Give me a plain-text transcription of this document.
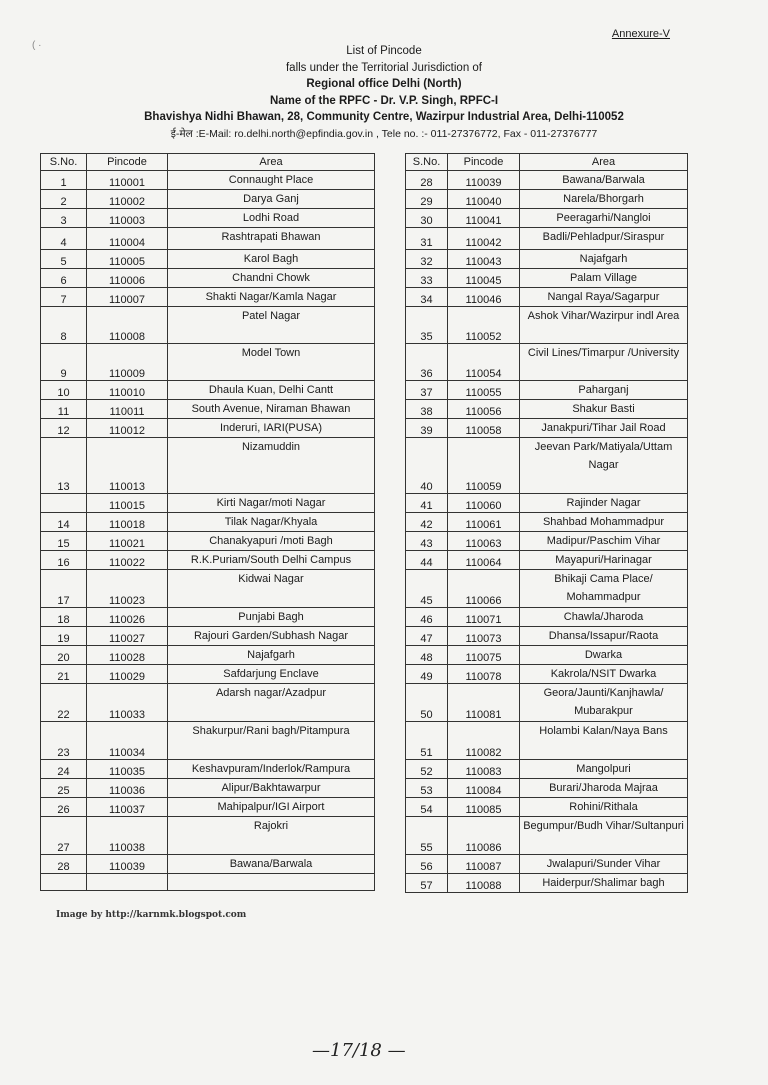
Annexure-V
( ·	List of Pincode
falls under the Territorial Jurisdiction of
Regional office Delhi (North)
Name of the RPFC - Dr. V.P. Singh, RPFC-I
Bhavishya Nidhi Bhawan, 28, Community Centre, Wazirpur Industrial Area, Delhi-110052
ई-मेल :E-Mail: ro.delhi.north@epfindia.gov.in , Tele no. :- 011-27376772, Fax - 011-27376777
S.No.	Pincode	Area
1	110001	Connaught Place
2	110002	Darya Ganj
3	110003	Lodhi Road
4	110004	Rashtrapati Bhawan
5	110005	Karol Bagh
6	110006	Chandni Chowk
7	110007	Shakti Nagar/Kamla Nagar
8	110008	Patel Nagar
9	110009	Model Town
10	110010	Dhaula Kuan, Delhi Cantt
11	110011	South Avenue, Niraman Bhawan
12	110012	Inderuri, IARI(PUSA)
13	110013	Nizamuddin
	110015	Kirti Nagar/moti Nagar
14	110018	Tilak Nagar/Khyala
15	110021	Chanakyapuri /moti Bagh
16	110022	R.K.Puriam/South Delhi Campus
17	110023	Kidwai Nagar
18	110026	Punjabi Bagh
19	110027	Rajouri Garden/Subhash Nagar
20	110028	Najafgarh
21	110029	Safdarjung Enclave
22	110033	Adarsh nagar/Azadpur
23	110034	Shakurpur/Rani bagh/Pitampura
24	110035	Keshavpuram/Inderlok/Rampura
25	110036	Alipur/Bakhtawarpur
26	110037	Mahipalpur/IGI Airport
27	110038	Rajokri
28	110039	Bawana/Barwala

S.No.	Pincode	Area
28	110039	Bawana/Barwala
29	110040	Narela/Bhorgarh
30	110041	Peeragarhi/Nangloi
31	110042	Badli/Pehladpur/Siraspur
32	110043	Najafgarh
33	110045	Palam Village
34	110046	Nangal Raya/Sagarpur
35	110052	Ashok Vihar/Wazirpur indl Area
36	110054	Civil Lines/Timarpur /University
37	110055	Paharganj
38	110056	Shakur Basti
39	110058	Janakpuri/Tihar Jail Road
40	110059	Jeevan Park/Matiyala/Uttam Nagar
41	110060	Rajinder Nagar
42	110061	Shahbad Mohammadpur
43	110063	Madipur/Paschim Vihar
44	110064	Mayapuri/Harinagar
45	110066	Bhikaji Cama Place/ Mohammadpur
46	110071	Chawla/Jharoda
47	110073	Dhansa/Issapur/Raota
48	110075	Dwarka
49	110078	Kakrola/NSIT Dwarka
50	110081	Geora/Jaunti/Kanjhawla/ Mubarakpur
51	110082	Holambi Kalan/Naya Bans
52	110083	Mangolpuri
53	110084	Burari/Jharoda Majraa
54	110085	Rohini/Rithala
55	110086	Begumpur/Budh Vihar/Sultanpuri
56	110087	Jwalapuri/Sunder Vihar
57	110088	Haiderpur/Shalimar bagh
Image by http://karnmk.blogspot.com
—17/18 —
